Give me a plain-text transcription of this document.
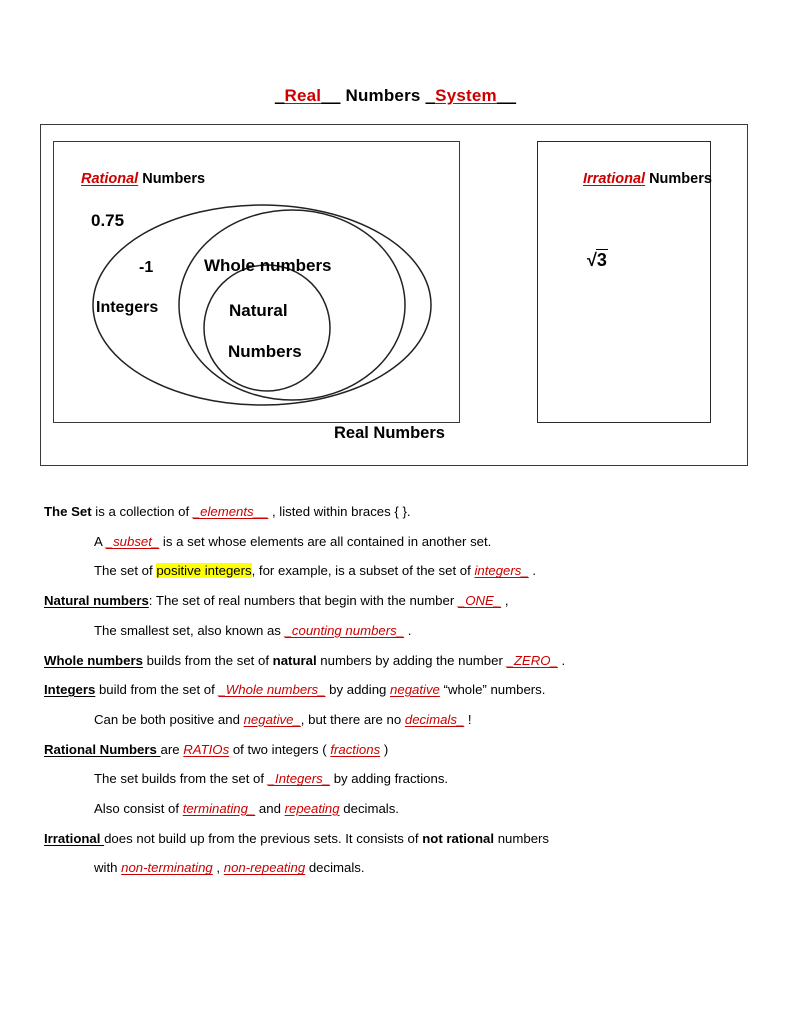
_Real__ Numbers _System__
Rational Numbers	Irrational Numbers
√3
0.75
-1
Integers
Whole numbers
Natural
Numbers
Real Numbers
The Set is a collection of _elements__ , listed within braces { }.
A _subset_ is a set whose elements are all contained in another set.
The set of positive integers, for example, is a subset of the set of integers_ .
Natural numbers: The set of real numbers that begin with the number _ONE_ ,
The smallest set, also known as _counting numbers_ .
Whole numbers builds from the set of natural numbers by adding the number _ZERO_ .
Integers build from the set of _Whole numbers_ by adding negative “whole” numbers.
Can be both positive and negative_, but there are no decimals_ !
Rational Numbers are RATIOs of two integers ( fractions )
The set builds from the set of _Integers_ by adding fractions.
Also consist of terminating_ and repeating decimals.
Irrational does not build up from the previous sets. It consists of not rational numbers
with non-terminating , non-repeating decimals.
